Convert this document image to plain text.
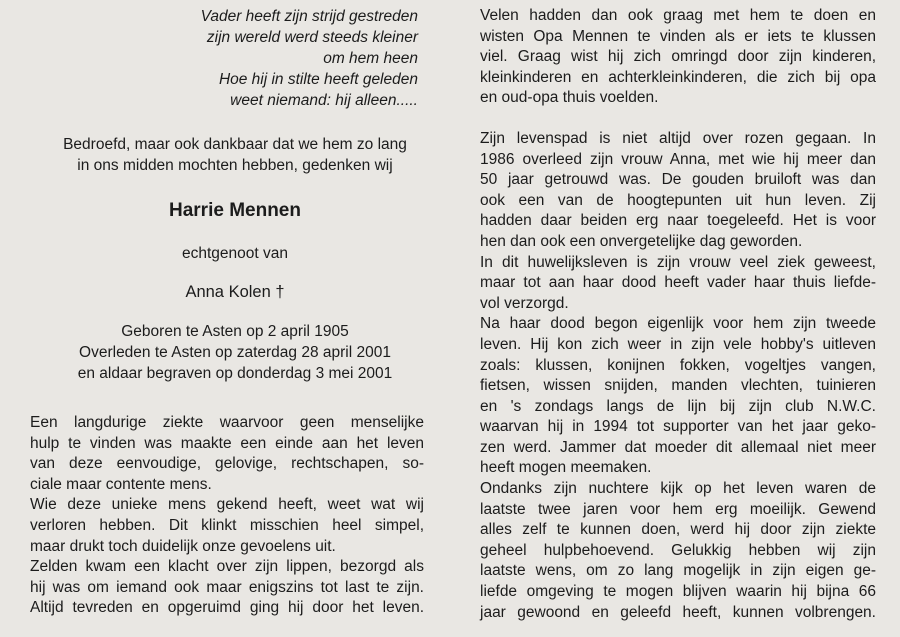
Vader heeft zijn strijd gestreden
zijn wereld werd steeds kleiner
om hem heen
Hoe hij in stilte heeft geleden
weet niemand: hij alleen.....
Bedroefd, maar ook dankbaar dat we hem zo lang
in ons midden mochten hebben, gedenken wij
Harrie Mennen
echtgenoot van
Anna Kolen †
Geboren te Asten op 2 april 1905
Overleden te Asten op zaterdag 28 april 2001
en aldaar begraven op donderdag 3 mei 2001
Een langdurige ziekte waarvoor geen menselijke
hulp te vinden was maakte een einde aan het leven
van deze eenvoudige, gelovige, rechtschapen, so-
ciale maar contente mens.
Wie deze unieke mens gekend heeft, weet wat wij
verloren hebben. Dit klinkt misschien heel simpel,
maar drukt toch duidelijk onze gevoelens uit.
Zelden kwam een klacht over zijn lippen, bezorgd als
hij was om iemand ook maar enigszins tot last te zijn.
Altijd tevreden en opgeruimd ging hij door het leven.
Velen hadden dan ook graag met hem te doen en
wisten Opa Mennen te vinden als er iets te klussen
viel. Graag wist hij zich omringd door zijn kinderen,
kleinkinderen en achterkleinkinderen, die zich bij opa
en oud-opa thuis voelden.
Zijn levenspad is niet altijd over rozen gegaan. In
1986 overleed zijn vrouw Anna, met wie hij meer dan
50 jaar getrouwd was. De gouden bruiloft was dan
ook een van de hoogtepunten uit hun leven. Zij
hadden daar beiden erg naar toegeleefd. Het is voor
hen dan ook een onvergetelijke dag geworden.
In dit huwelijksleven is zijn vrouw veel ziek geweest,
maar tot aan haar dood heeft vader haar thuis liefde-
vol verzorgd.
Na haar dood begon eigenlijk voor hem zijn tweede
leven. Hij kon zich weer in zijn vele hobby's uitleven
zoals: klussen, konijnen fokken, vogeltjes vangen,
fietsen, wissen snijden, manden vlechten, tuinieren
en 's zondags langs de lijn bij zijn club N.W.C.
waarvan hij in 1994 tot supporter van het jaar gekо-
zen werd. Jammer dat moeder dit allemaal niet meer
heeft mogen meemaken.
Ondanks zijn nuchtere kijk op het leven waren de
laatste twee jaren voor hem erg moeilijk. Gewend
alles zelf te kunnen doen, werd hij door zijn ziekte
geheel hulpbehoevend. Gelukkig hebben wij zijn
laatste wens, om zo lang mogelijk in zijn eigen ge-
liefde omgeving te mogen blijven waarin hij bijna 66
jaar gewoond en geleefd heeft, kunnen volbrengen.
